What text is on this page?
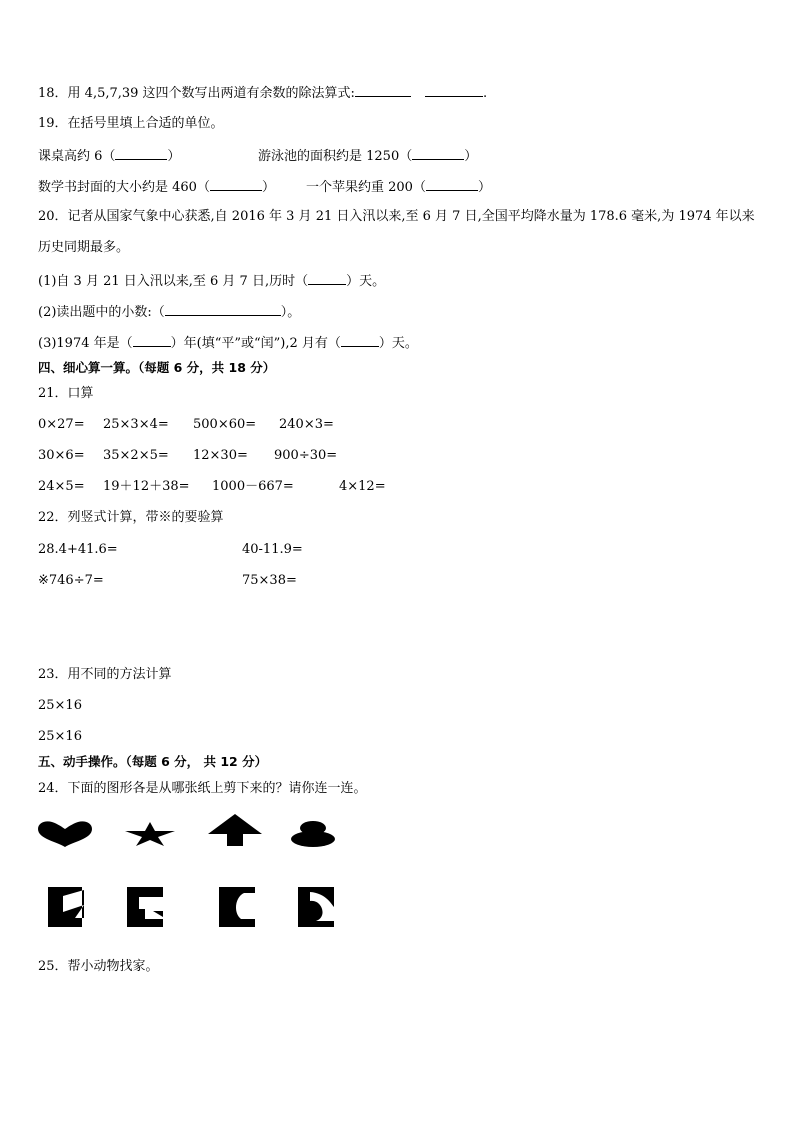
18．用 4,5,7,39 这四个数写出两道有余数的除法算式:	.
19．在括号里填上合适的单位。
课桌高约 6（	）	游泳池的面积约是 1250（	）
数学书封面的大小约是 460（	） 一个苹果约重 200（	）
20．记者从国家气象中心获悉,自 2016 年 3 月 21 日入汛以来,至 6 月 7 日,全国平均降水量为 178.6 毫米,为 1974 年以来
历史同期最多。
(1)自 3 月 21 日入汛以来,至 6 月 7 日,历时（	）天。
(2)读出题中的小数:（	）。
(3)1974 年是（	）年(填“平”或“闰”),2 月有（	）天。
四、细心算一算。（每题 6 分，共 18 分）
21．口算
0×27= 25×3×4= 500×60= 240×3=
30×6= 35×2×5= 12×30= 900÷30=
24×5= 19＋12＋38= 1000－667=	4×12=
22．列竖式计算，带※的要验算
28.4+41.6=	40-11.9=
※746÷7=	75×38=
23．用不同的方法计算
25×16
25×16
五、动手操作。（每题 6 分， 共 12 分）
24．下面的图形各是从哪张纸上剪下来的？请你连一连。
25．帮小动物找家。
